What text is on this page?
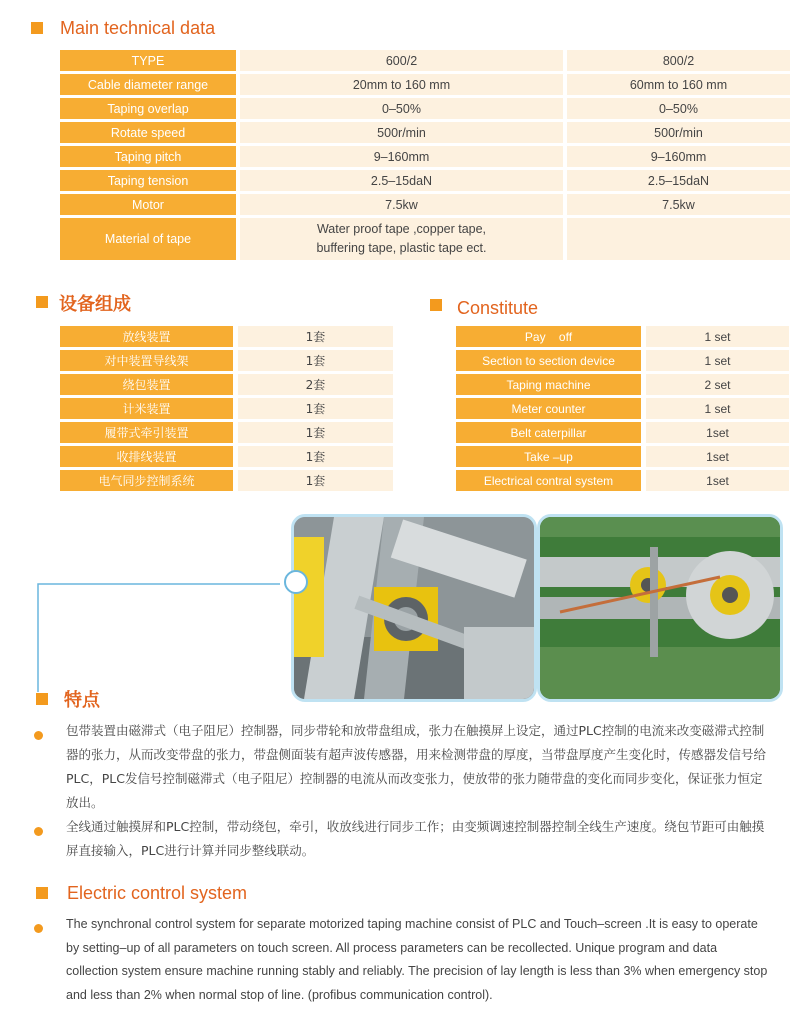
Main technical data
TYPE	600/2	800/2
Cable diameter range	20mm to 160 mm	60mm to 160 mm
Taping overlap	0–50%	0–50%
Rotate speed	500r/min	500r/min
Taping pitch	9–160mm	9–160mm
Taping tension	2.5–15daN	2.5–15daN
Motor	7.5kw	7.5kw
Material of tape	Water proof tape ,copper tape,
buffering tape, plastic tape ect.	

设备组成
放线装置	1套
对中装置导线架	1套
绕包装置	2套
计米装置	1套
履带式牵引装置	1套
收排线装置	1套
电气同步控制系统	1套
Constitute
Pay    off	1 set
Section to section device	1 set
Taping machine	2 set
Meter counter	1 set
Belt caterpillar	1set
Take –up	1set
Electrical contral system	1set
特点
包带装置由磁滞式（电子阻尼）控制器，同步带轮和放带盘组成，张力在触摸屏上设定，通过PLC控制的电流来改变磁滞式控制器的张力，从而改变带盘的张力，带盘侧面装有超声波传感器，用来检测带盘的厚度，当带盘厚度产生变化时，传感器发信号给PLC，PLC发信号控制磁滞式（电子阻尼）控制器的电流从而改变张力，使放带的张力随带盘的变化而同步变化，保证张力恒定放出。
全线通过触摸屏和PLC控制，带动绕包，牵引，收放线进行同步工作；由变频调速控制器控制全线生产速度。绕包节距可由触摸屏直接输入，PLC进行计算并同步整线联动。
Electric control system
The synchronal control system for separate motorized taping machine consist of PLC and Touch–screen .It is easy to operate by setting–up of all parameters on touch screen. All process parameters can be recollected. Unique program and data collection system ensure machine running stably and reliably. The precision of lay length is less than 3% when emergency stop and less than 2% when normal stop of line. (profibus communication control).
